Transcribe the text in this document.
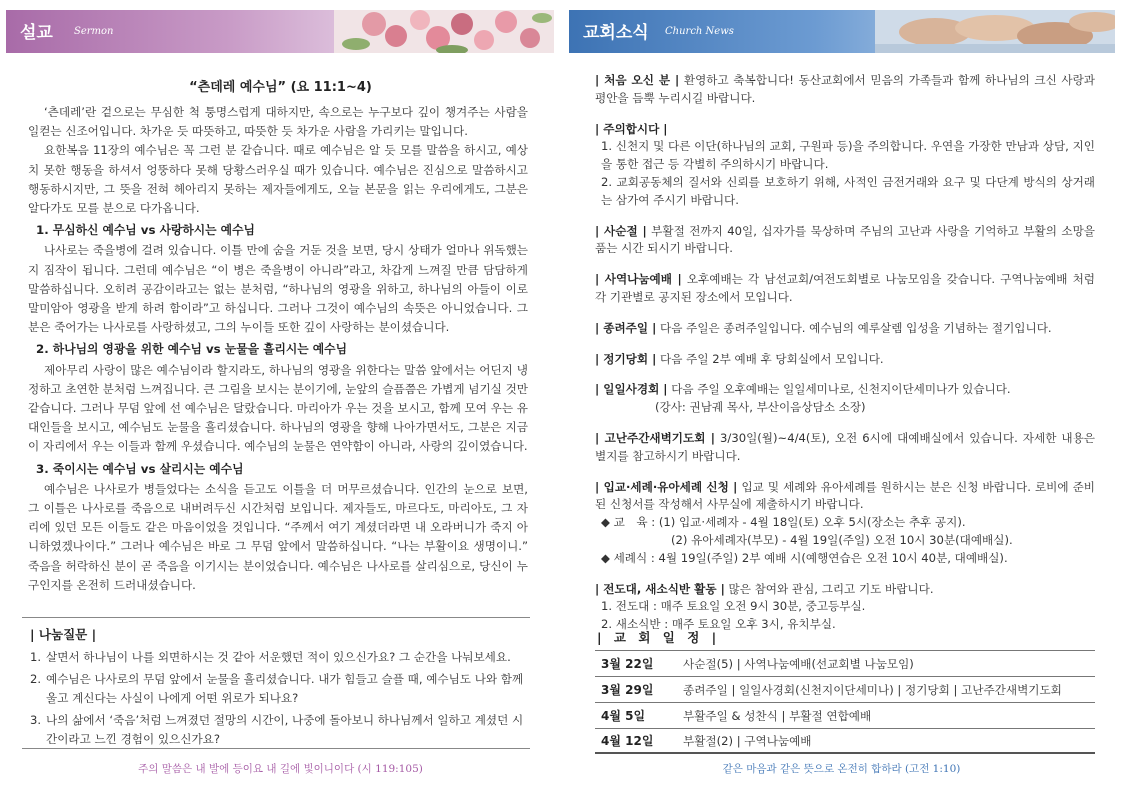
설교 Sermon
“츤데레 예수님” (요 11:1~4)

‘츤데레’란 겉으로는 무심한 척 퉁명스럽게 대하지만, 속으로는 누구보다 깊이 챙겨주는 사람을 일컫는 신조어입니다. 차가운 듯 따뜻하고, 따뜻한 듯 차가운 사람을 가리키는 말입니다.

요한복음 11장의 예수님은 꼭 그런 분 같습니다. 때로 예수님은 알 듯 모를 말씀을 하시고, 예상치 못한 행동을 하셔서 엉뚱하다 못해 당황스러우실 때가 있습니다. 예수님은 진심으로 말씀하시고 행동하시지만, 그 뜻을 전혀 헤아리지 못하는 제자들에게도, 오늘 본문을 읽는 우리에게도, 그분은 알다가도 모를 분으로 다가옵니다.

1. 무심하신 예수님 vs 사랑하시는 예수님

나사로는 죽을병에 걸려 있습니다. 이틀 만에 숨을 거둔 것을 보면, 당시 상태가 얼마나 위독했는지 짐작이 됩니다. 그런데 예수님은 “이 병은 죽을병이 아니라”라고, 차갑게 느껴질 만큼 담담하게 말씀하십니다. 오히려 공감이라고는 없는 분처럼, “하나님의 영광을 위하고, 하나님의 아들이 이로 말미암아 영광을 받게 하려 함이라”고 하십니다. 그러나 그것이 예수님의 속뜻은 아니었습니다. 그분은 죽어가는 나사로를 사랑하셨고, 그의 누이들 또한 깊이 사랑하는 분이셨습니다.

2. 하나님의 영광을 위한 예수님 vs 눈물을 흘리시는 예수님

제아무리 사랑이 많은 예수님이라 할지라도, 하나님의 영광을 위한다는 말씀 앞에서는 어딘지 냉정하고 초연한 분처럼 느껴집니다. 큰 그림을 보시는 분이기에, 눈앞의 슬픔쯤은 가볍게 넘기실 것만 같습니다. 그러나 무덤 앞에 선 예수님은 달랐습니다. 마리아가 우는 것을 보시고, 함께 모여 우는 유대인들을 보시고, 예수님도 눈물을 흘리셨습니다. 하나님의 영광을 향해 나아가면서도, 그분은 지금 이 자리에서 우는 이들과 함께 우셨습니다. 예수님의 눈물은 연약함이 아니라, 사랑의 깊이였습니다.

3. 죽이시는 예수님 vs 살리시는 예수님

예수님은 나사로가 병들었다는 소식을 듣고도 이틀을 더 머무르셨습니다. 인간의 눈으로 보면, 그 이틀은 나사로를 죽음으로 내버려두신 시간처럼 보입니다. 제자들도, 마르다도, 마리아도, 그 자리에 있던 모든 이들도 같은 마음이었을 것입니다. “주께서 여기 계셨더라면 내 오라버니가 죽지 아니하였겠나이다.” 그러나 예수님은 바로 그 무덤 앞에서 말씀하십니다. “나는 부활이요 생명이니.” 죽음을 허락하신 분이 곧 죽음을 이기시는 분이었습니다. 예수님은 나사로를 살리심으로, 당신이 누구인지를 온전히 드러내셨습니다.

| 나눔질문 |
1. 살면서 하나님이 나를 외면하시는 것 같아 서운했던 적이 있으신가요? 그 순간을 나눠보세요.
2. 예수님은 나사로의 무덤 앞에서 눈물을 흘리셨습니다. 내가 힘들고 슬플 때, 예수님도 나와 함께 울고 계신다는 사실이 나에게 어떤 위로가 되나요?
3. 나의 삶에서 ‘죽음’처럼 느껴졌던 절망의 시간이, 나중에 돌아보니 하나님께서 일하고 계셨던 시간이라고 느낀 경험이 있으신가요?
주의 말씀은 내 발에 등이요 내 길에 빛이니이다 (시 119:105)
교회소식 Church News
| 처음 오신 분 | 환영하고 축복합니다! 동산교회에서 믿음의 가족들과 함께 하나님의 크신 사랑과 평안을 듬뿍 누리시길 바랍니다.
| 주의합시다 |
1. 신천지 및 다른 이단(하나님의 교회, 구원파 등)을 주의합니다. 우연을 가장한 만남과 상담, 지인을 통한 접근 등 각별히 주의하시기 바랍니다.
2. 교회공동체의 질서와 신뢰를 보호하기 위해, 사적인 금전거래와 요구 및 다단계 방식의 상거래는 삼가여 주시기 바랍니다.
| 사순절 | 부활절 전까지 40일, 십자가를 묵상하며 주님의 고난과 사랑을 기억하고 부활의 소망을 품는 시간 되시기 바랍니다.
| 사역나눔예배 | 오후예배는 각 남선교회/여전도회별로 나눔모임을 갖습니다. 구역나눔예배 처럼 각 기관별로 공지된 장소에서 모입니다.
| 종려주일 | 다음 주일은 종려주일입니다. 예수님의 예루살렘 입성을 기념하는 절기입니다.
| 정기당회 | 다음 주일 2부 예배 후 당회실에서 모입니다.
| 일일사경회 | 다음 주일 오후예배는 일일세미나로, 신천지이단세미나가 있습니다.
(강사: 권남궤 목사, 부산이음상담소 소장)
| 고난주간새벽기도회 | 3/30일(월)~4/4(토), 오전 6시에 대예배실에서 있습니다. 자세한 내용은 별지를 참고하시기 바랍니다.
| 입교·세례·유아세례 신청 | 입교 및 세례와 유아세례를 원하시는 분은 신청 바랍니다. 로비에 준비된 신청서를 작성해서 사무실에 제출하시기 바랍니다.
◆ 교　육 : (1) 입교·세례자 - 4월 18일(토) 오후 5시(장소는 추후 공지).
(2) 유아세례자(부모) - 4월 19일(주일) 오전 10시 30분(대예배실).
◆ 세례식 : 4월 19일(주일) 2부 예배 시(예행연습은 오전 10시 40분, 대예배실).
| 전도대, 새소식반 활동 | 많은 참여와 관심, 그리고 기도 바랍니다.
1. 전도대 : 매주 토요일 오전 9시 30분, 중고등부실.
2. 새소식반 : 매주 토요일 오후 3시, 유치부실.
| 교 회 일 정 |
3월 22일	사순절(5) | 사역나눔예배(선교회별 나눔모임)
3월 29일	종려주일 | 일일사경회(신천지이단세미나) | 정기당회 | 고난주간새벽기도회
4월 5일	부활주일 & 성찬식 | 부활절 연합예배
4월 12일	부활절(2) | 구역나눔예배
같은 마음과 같은 뜻으로 온전히 합하라 (고전 1:10)
